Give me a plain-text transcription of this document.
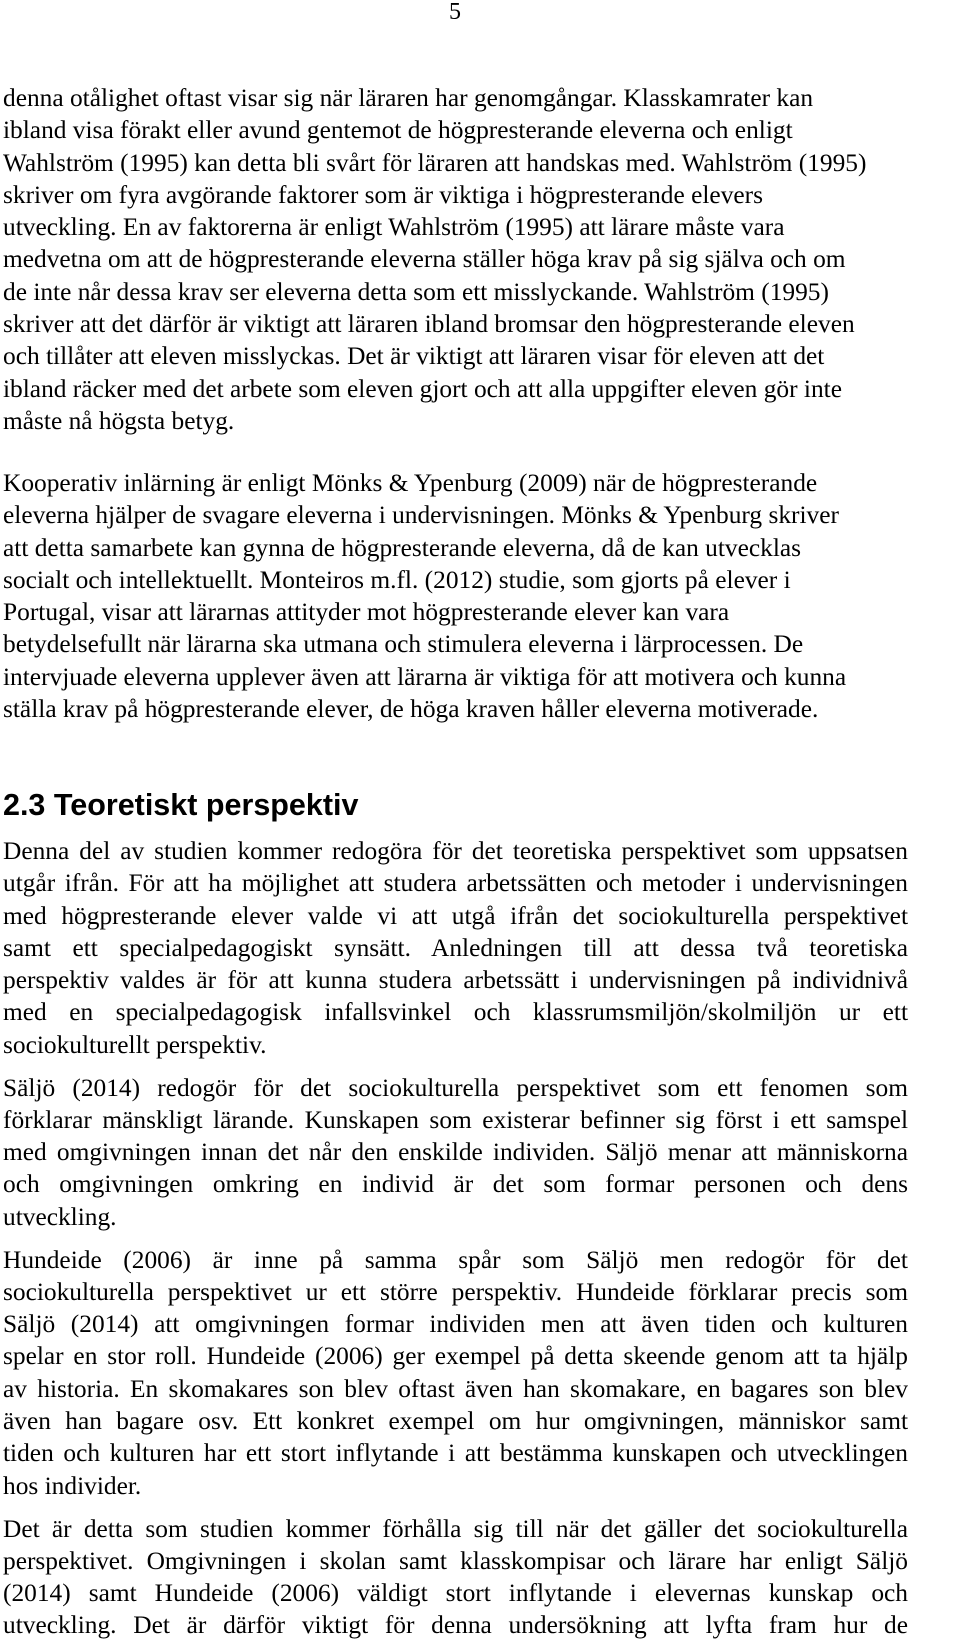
5
denna otålighet oftast visar sig när läraren har genomgångar. Klasskamrater kan
ibland visa förakt eller avund gentemot de högpresterande eleverna och enligt
Wahlström (1995) kan detta bli svårt för läraren att handskas med. Wahlström (1995)
skriver om fyra avgörande faktorer som är viktiga i högpresterande elevers
utveckling. En av faktorerna är enligt Wahlström (1995) att lärare måste vara
medvetna om att de högpresterande eleverna ställer höga krav på sig själva och om
de inte når dessa krav ser eleverna detta som ett misslyckande. Wahlström (1995)
skriver att det därför är viktigt att läraren ibland bromsar den högpresterande eleven
och tillåter att eleven misslyckas. Det är viktigt att läraren visar för eleven att det
ibland räcker med det arbete som eleven gjort och att alla uppgifter eleven gör inte
måste nå högsta betyg.
Kooperativ inlärning är enligt Mönks & Ypenburg (2009) när de högpresterande
eleverna hjälper de svagare eleverna i undervisningen. Mönks & Ypenburg skriver
att detta samarbete kan gynna de högpresterande eleverna, då de kan utvecklas
socialt och intellektuellt. Monteiros m.fl. (2012) studie, som gjorts på elever i
Portugal, visar att lärarnas attityder mot högpresterande elever kan vara
betydelsefullt när lärarna ska utmana och stimulera eleverna i lärprocessen. De
intervjuade eleverna upplever även att lärarna är viktiga för att motivera och kunna
ställa krav på högpresterande elever, de höga kraven håller eleverna motiverade.
2.3 Teoretiskt perspektiv
Denna del av studien kommer redogöra för det teoretiska perspektivet som uppsatsen
utgår ifrån. För att ha möjlighet att studera arbetssätten och metoder i undervisningen
med högpresterande elever valde vi att utgå ifrån det sociokulturella perspektivet
samt ett specialpedagogiskt synsätt. Anledningen till att dessa två teoretiska
perspektiv valdes är för att kunna studera arbetssätt i undervisningen på individnivå
med en specialpedagogisk infallsvinkel och klassrumsmiljön/skolmiljön ur ett
sociokulturellt perspektiv.
Säljö (2014) redogör för det sociokulturella perspektivet som ett fenomen som
förklarar mänskligt lärande. Kunskapen som existerar befinner sig först i ett samspel
med omgivningen innan det når den enskilde individen. Säljö menar att människorna
och omgivningen omkring en individ är det som formar personen och dens
utveckling.
Hundeide (2006) är inne på samma spår som Säljö men redogör för det
sociokulturella perspektivet ur ett större perspektiv. Hundeide förklarar precis som
Säljö (2014) att omgivningen formar individen men att även tiden och kulturen
spelar en stor roll. Hundeide (2006) ger exempel på detta skeende genom att ta hjälp
av historia. En skomakares son blev oftast även han skomakare, en bagares son blev
även han bagare osv. Ett konkret exempel om hur omgivningen, människor samt
tiden och kulturen har ett stort inflytande i att bestämma kunskapen och utvecklingen
hos individer.
Det är detta som studien kommer förhålla sig till när det gäller det sociokulturella
perspektivet. Omgivningen i skolan samt klasskompisar och lärare har enligt Säljö
(2014) samt Hundeide (2006) väldigt stort inflytande i elevernas kunskap och
utveckling. Det är därför viktigt för denna undersökning att lyfta fram hur de
